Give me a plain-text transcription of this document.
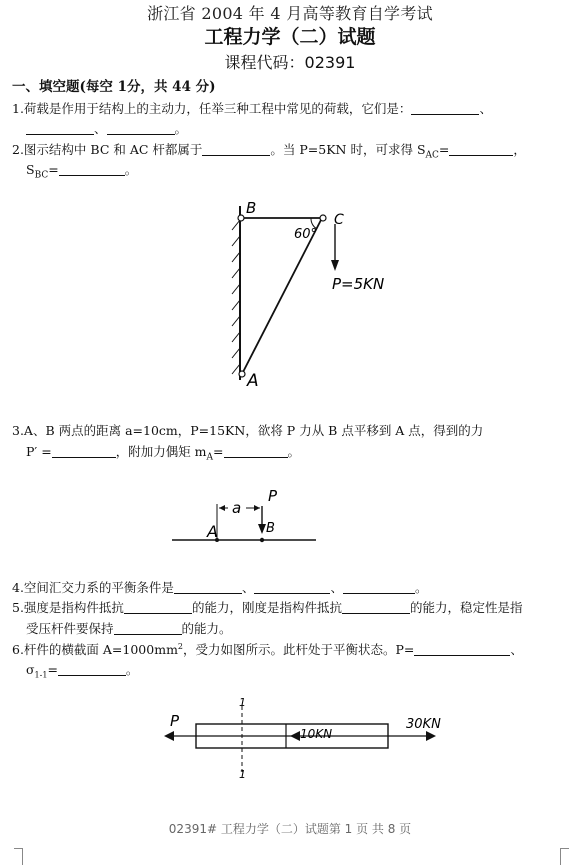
浙江省 2004 年 4 月高等教育自学考试
工程力学（二）试题
课程代码：02391
一、填空题(每空 1分，共 44 分)
1.荷载是作用于结构上的主动力，任举三种工程中常见的荷载，它们是：	、
、	。
2.图示结构中 BC 和 AC 杆都属于	。当 P=5KN 时，可求得 $S_{AC}=$	，
$S_{BC}=$	。
B
C
A
60°
P=5KN
3.A、B 两点的距离 a=10cm，P=15KN，欲将 P 力从 B 点平移到 A 点，得到的力
P′ =	，附加力偶矩 $m_A=$	。
a
P
A	B
4.空间汇交力系的平衡条件是	、	、	。
5.强度是指构件抵抗	的能力，刚度是指构件抵抗	的能力，稳定性是指
受压杆件要保持	的能力。
6.杆件的横截面 $A=1000mm^2$，受力如图所示。此杆处于平衡状态。P=	、
$\sigma_{1-1}=$	。
1
1
P
10KN
30KN
02391# 工程力学（二）试题第 1 页 共 8 页
